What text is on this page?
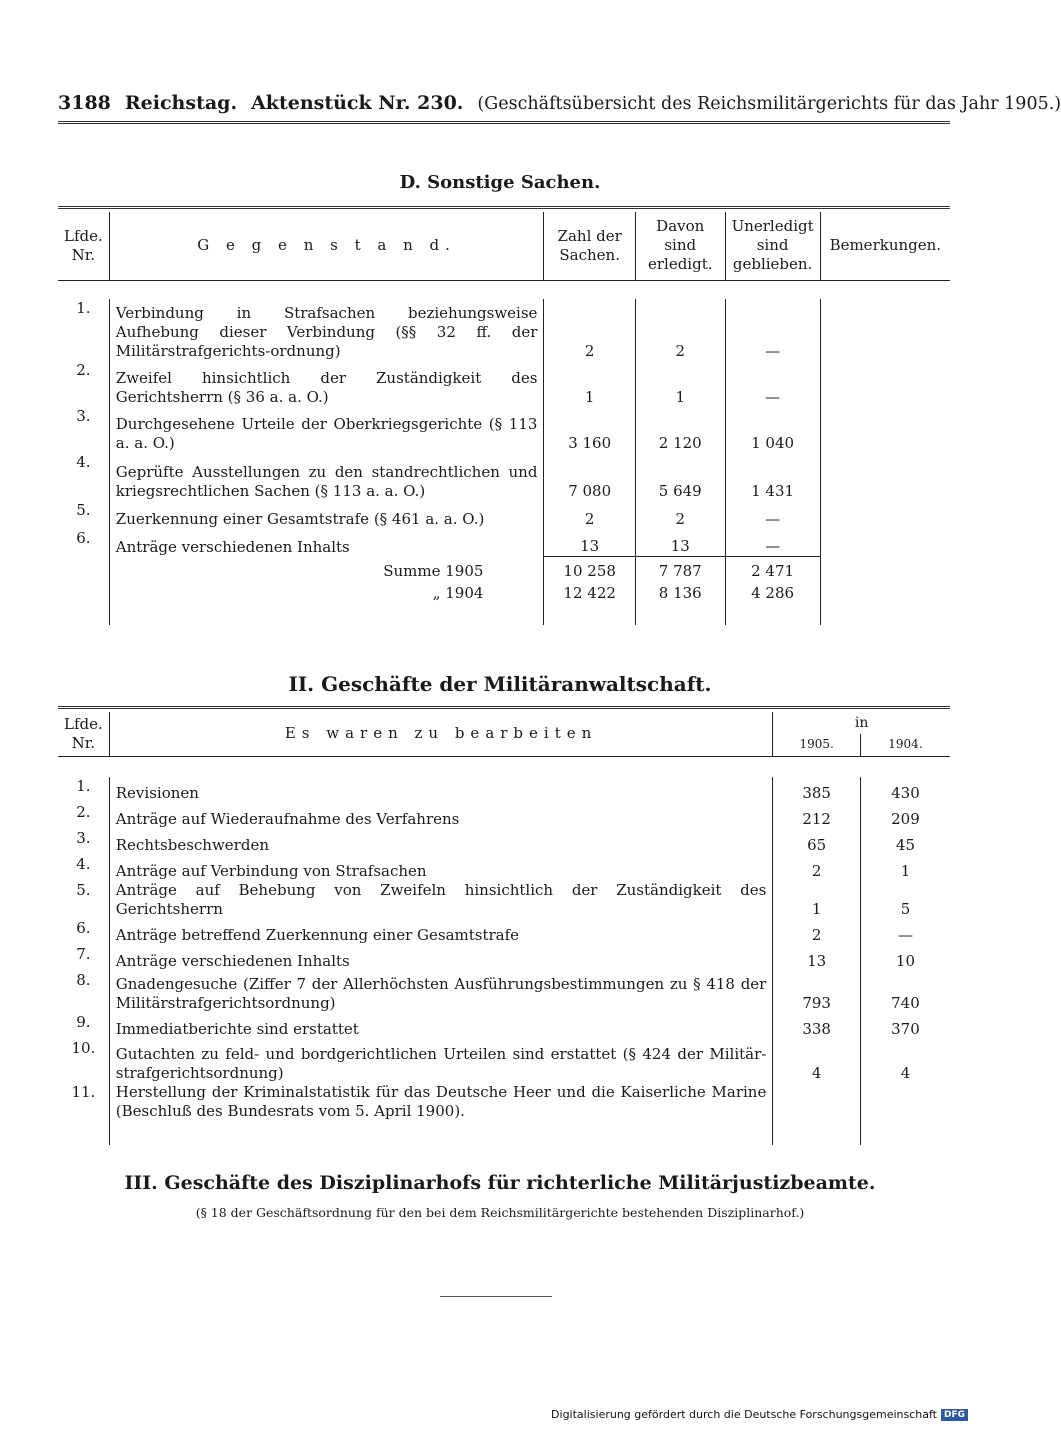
3188 Reichstag. Aktenstück Nr. 230. (Geschäftsübersicht des Reichsmilitärgerichts für das Jahr 1905.)
D. Sonstige Sachen.
Lfde. Nr.	G e g e n s t a n d.	Zahl der Sachen.	Davon sind erledigt.	Unerledigt sind geblieben.	Bemerkungen.

1.	Verbindung in Strafsachen beziehungsweise Aufhebung dieser Verbindung (§§ 32 ff. der Militärstrafgerichts-ordnung)	2	2	—	
2.	Zweifel hinsichtlich der Zuständigkeit des Gerichtsherrn (§ 36 a. a. O.)	1	1	—	
3.	Durchgesehene Urteile der Oberkriegsgerichte (§ 113 a. a. O.)	3 160	2 120	1 040	
4.	Geprüfte Ausstellungen zu den standrechtlichen und kriegsrechtlichen Sachen (§ 113 a. a. O.)	7 080	5 649	1 431	
5.	Zuerkennung einer Gesamtstrafe (§ 461 a. a. O.)	2	2	—	
6.	Anträge verschiedenen Inhalts	13	13	—	
	Summe 1905	10 258	7 787	2 471	
	„ 1904	12 422	8 136	4 286	

II. Geschäfte der Militäranwaltschaft.
Lfde. Nr.	Es waren zu bearbeiten	in	
		1905.	1904.

1.	Revisionen	385	430
2.	Anträge auf Wiederaufnahme des Verfahrens	212	209
3.	Rechtsbeschwerden	65	45
4.	Anträge auf Verbindung von Strafsachen	2	1
5.	Anträge auf Behebung von Zweifeln hinsichtlich der Zuständigkeit des Gerichtsherrn	1	5
6.	Anträge betreffend Zuerkennung einer Gesamtstrafe	2	—
7.	Anträge verschiedenen Inhalts	13	10
8.	Gnadengesuche (Ziffer 7 der Allerhöchsten Ausführungsbestimmungen zu § 418 der Militärstrafgerichtsordnung)	793	740
9.	Immediatberichte sind erstattet	338	370
10.	Gutachten zu feld- und bordgerichtlichen Urteilen sind erstattet (§ 424 der Militär-strafgerichtsordnung)	4	4
11.	Herstellung der Kriminalstatistik für das Deutsche Heer und die Kaiserliche Marine (Beschluß des Bundesrats vom 5. April 1900).		
III. Geschäfte des Disziplinarhofs für richterliche Militärjustizbeamte.
(§ 18 der Geschäftsordnung für den bei dem Reichsmilitärgerichte bestehenden Disziplinarhof.)
Digitalisierung gefördert durch die Deutsche Forschungsgemeinschaft DFG
